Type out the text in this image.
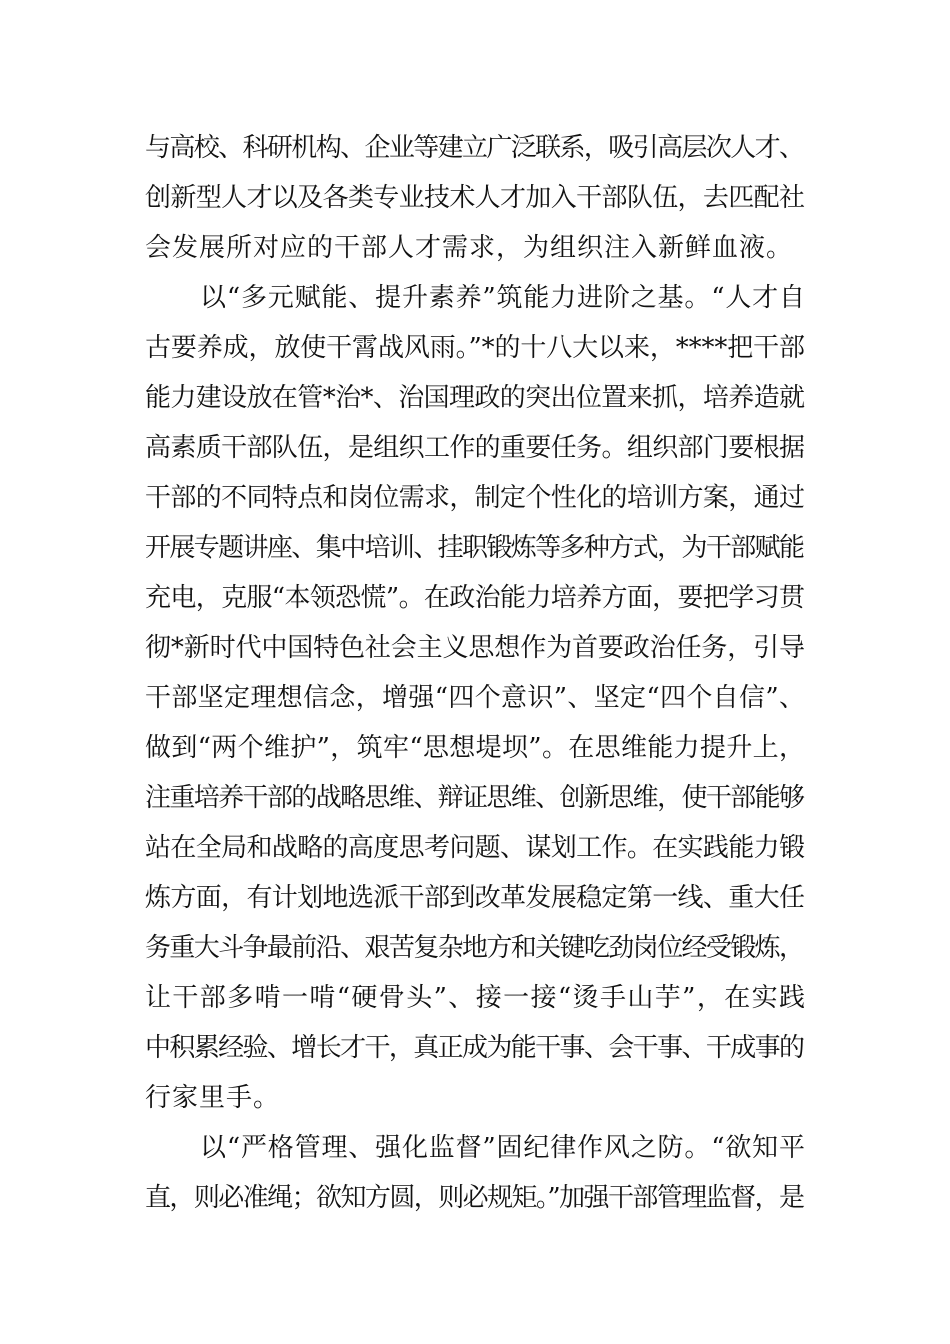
与高校、科研机构、企业等建立广泛联系，吸引高层次人才、
创新型人才以及各类专业技术人才加入干部队伍，去匹配社
会发展所对应的干部人才需求，为组织注入新鲜血液。
以“多元赋能、提升素养”筑能力进阶之基。“人才自
古要养成，放使干霄战风雨。”*的十八大以来，****把干部
能力建设放在管*治*、治国理政的突出位置来抓，培养造就
高素质干部队伍，是组织工作的重要任务。组织部门要根据
干部的不同特点和岗位需求，制定个性化的培训方案，通过
开展专题讲座、集中培训、挂职锻炼等多种方式，为干部赋能
充电，克服“本领恐慌”。在政治能力培养方面，要把学习贯
彻*新时代中国特色社会主义思想作为首要政治任务，引导
干部坚定理想信念，增强“四个意识”、坚定“四个自信”、
做到“两个维护”，筑牢“思想堤坝”。在思维能力提升上，
注重培养干部的战略思维、辩证思维、创新思维，使干部能够
站在全局和战略的高度思考问题、谋划工作。在实践能力锻
炼方面，有计划地选派干部到改革发展稳定第一线、重大任
务重大斗争最前沿、艰苦复杂地方和关键吃劲岗位经受锻炼，
让干部多啃一啃“硬骨头”、接一接“烫手山芋”，在实践
中积累经验、增长才干，真正成为能干事、会干事、干成事的
行家里手。
以“严格管理、强化监督”固纪律作风之防。“欲知平
直，则必准绳；欲知方圆，则必规矩。”加强干部管理监督，是
